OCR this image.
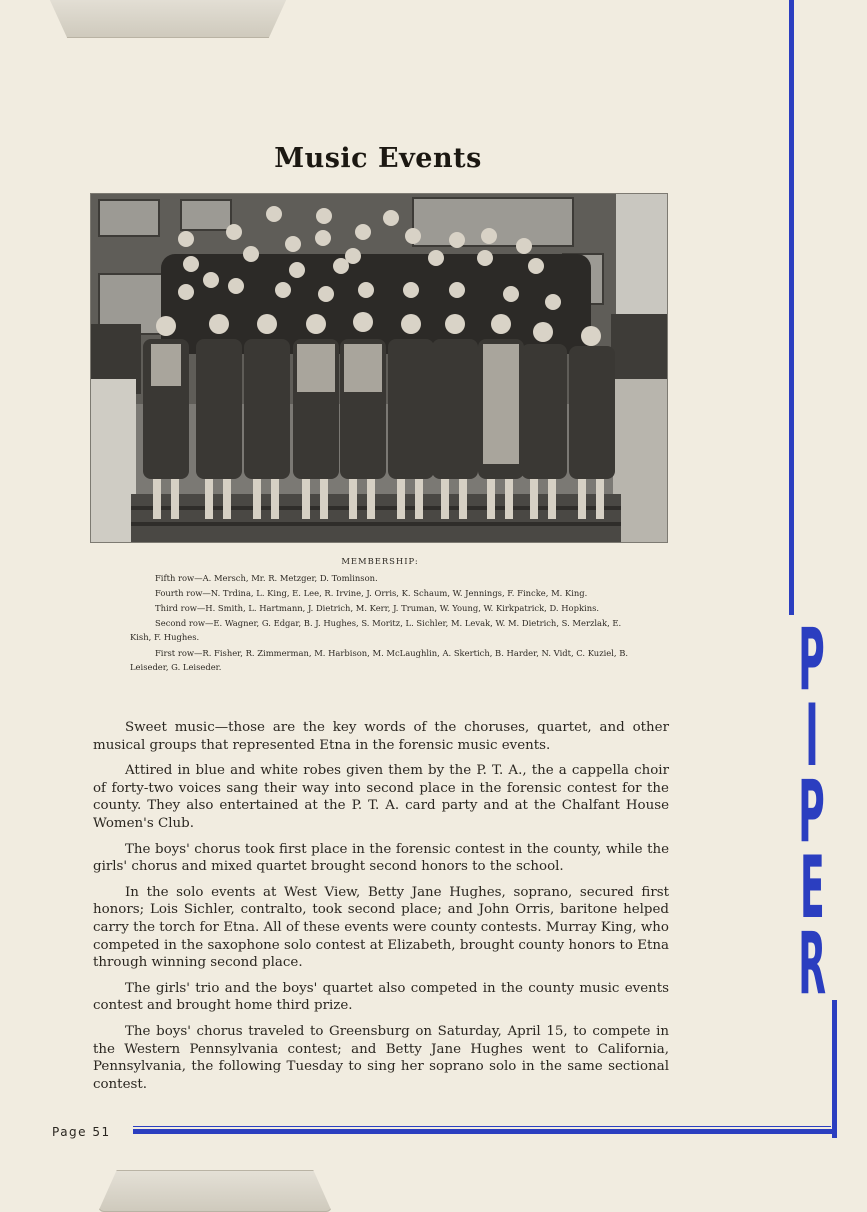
P
I
P
E
R
Music Events
MEMBERSHIP:

Fifth row—A. Mersch, Mr. R. Metzger, D. Tomlinson.

Fourth row—N. Trdina, L. King, E. Lee, R. Irvine, J. Orris, K. Schaum, W. Jennings, F. Fincke, M. King.

Third row—H. Smith, L. Hartmann, J. Dietrich, M. Kerr, J. Truman, W. Young, W. Kirkpatrick, D. Hopkins.

Second row—E. Wagner, G. Edgar, B. J. Hughes, S. Moritz, L. Sichler, M. Levak, W. M. Dietrich, S. Merzlak, E. Kish, F. Hughes.

First row—R. Fisher, R. Zimmerman, M. Harbison, M. McLaughlin, A. Skertich, B. Harder, N. Vidt, C. Kuziel, B. Leiseder, G. Leiseder.

Sweet music—those are the key words of the choruses, quartet, and other musical groups that represented Etna in the forensic music events.

Attired in blue and white robes given them by the P. T. A., the a cappella choir of forty-two voices sang their way into second place in the forensic contest for the county. They also entertained at the P. T. A. card party and at the Chalfant House Women's Club.

The boys' chorus took first place in the forensic contest in the county, while the girls' chorus and mixed quartet brought second honors to the school.

In the solo events at West View, Betty Jane Hughes, soprano, secured first honors; Lois Sichler, contralto, took second place; and John Orris, baritone helped carry the torch for Etna. All of these events were county contests. Murray King, who competed in the saxophone solo contest at Elizabeth, brought county honors to Etna through winning second place.

The girls' trio and the boys' quartet also competed in the county music events contest and brought home third prize.

The boys' chorus traveled to Greensburg on Saturday, April 15, to compete in the Western Pennsylvania contest; and Betty Jane Hughes went to California, Pennsylvania, the following Tuesday to sing her soprano solo in the same sectional contest.

Page 51
